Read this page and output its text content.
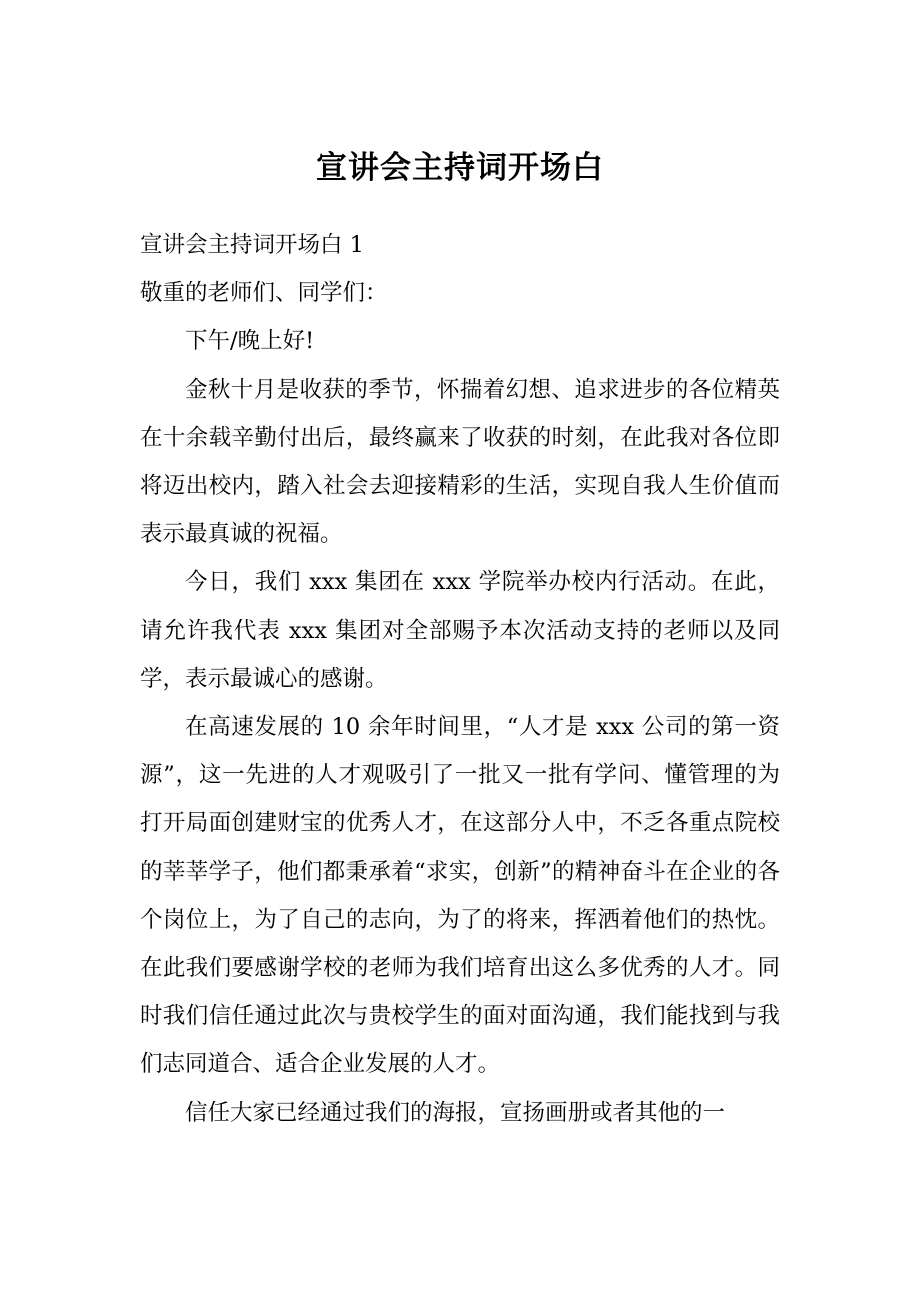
宣讲会主持词开场白

宣讲会主持词开场白 1

敬重的老师们、同学们：

下午/晚上好!

金秋十月是收获的季节，怀揣着幻想、追求进步的各位精英在十余载辛勤付出后，最终赢来了收获的时刻，在此我对各位即将迈出校内，踏入社会去迎接精彩的生活，实现自我人生价值而表示最真诚的祝福。

今日，我们 xxx 集团在 xxx 学院举办校内行活动。在此，请允许我代表 xxx 集团对全部赐予本次活动支持的老师以及同学，表示最诚心的感谢。

在高速发展的 10 余年时间里，“人才是 xxx 公司的第一资源”，这一先进的人才观吸引了一批又一批有学问、懂管理的为打开局面创建财宝的优秀人才，在这部分人中，不乏各重点院校的莘莘学子，他们都秉承着“求实，创新”的精神奋斗在企业的各个岗位上，为了自己的志向，为了的将来，挥洒着他们的热忱。在此我们要感谢学校的老师为我们培育出这么多优秀的人才。同时我们信任通过此次与贵校学生的面对面沟通，我们能找到与我们志同道合、适合企业发展的人才。

信任大家已经通过我们的海报，宣扬画册或者其他的一
